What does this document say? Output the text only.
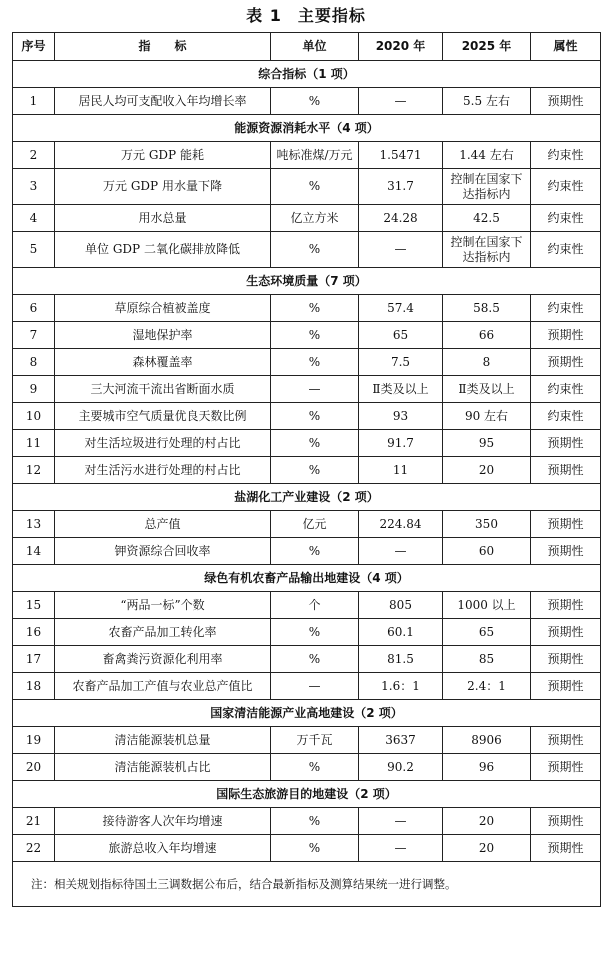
表 1 主要指标
序号	指　　标	单位	2020 年	2025 年	属性
综合指标（1 项）					
1	居民人均可支配收入年均增长率	%	—	5.5 左右	预期性
能源资源消耗水平（4 项）					
2	万元 GDP 能耗	吨标准煤/万元	1.5471	1.44 左右	约束性
3	万元 GDP 用水量下降	%	31.7	控制在国家下达指标内	约束性
4	用水总量	亿立方米	24.28	42.5	约束性
5	单位 GDP 二氧化碳排放降低	%	—	控制在国家下达指标内	约束性
生态环境质量（7 项）					
6	草原综合植被盖度	%	57.4	58.5	约束性
7	湿地保护率	%	65	66	预期性
8	森林覆盖率	%	7.5	8	预期性
9	三大河流干流出省断面水质	—	Ⅱ类及以上	Ⅱ类及以上	约束性
10	主要城市空气质量优良天数比例	%	93	90 左右	约束性
11	对生活垃圾进行处理的村占比	%	91.7	95	预期性
12	对生活污水进行处理的村占比	%	11	20	预期性
盐湖化工产业建设（2 项）					
13	总产值	亿元	224.84	350	预期性
14	钾资源综合回收率	%	—	60	预期性
绿色有机农畜产品输出地建设（4 项）					
15	“两品一标”个数	个	805	1000 以上	预期性
16	农畜产品加工转化率	%	60.1	65	预期性
17	畜禽粪污资源化利用率	%	81.5	85	预期性
18	农畜产品加工产值与农业总产值比	—	1.6：1	2.4：1	预期性
国家清洁能源产业高地建设（2 项）					
19	清洁能源装机总量	万千瓦	3637	8906	预期性
20	清洁能源装机占比	%	90.2	96	预期性
国际生态旅游目的地建设（2 项）					
21	接待游客人次年均增速	%	—	20	预期性
22	旅游总收入年均增速	%	—	20	预期性
注：相关规划指标待国土三调数据公布后，结合最新指标及测算结果统一进行调整。					
